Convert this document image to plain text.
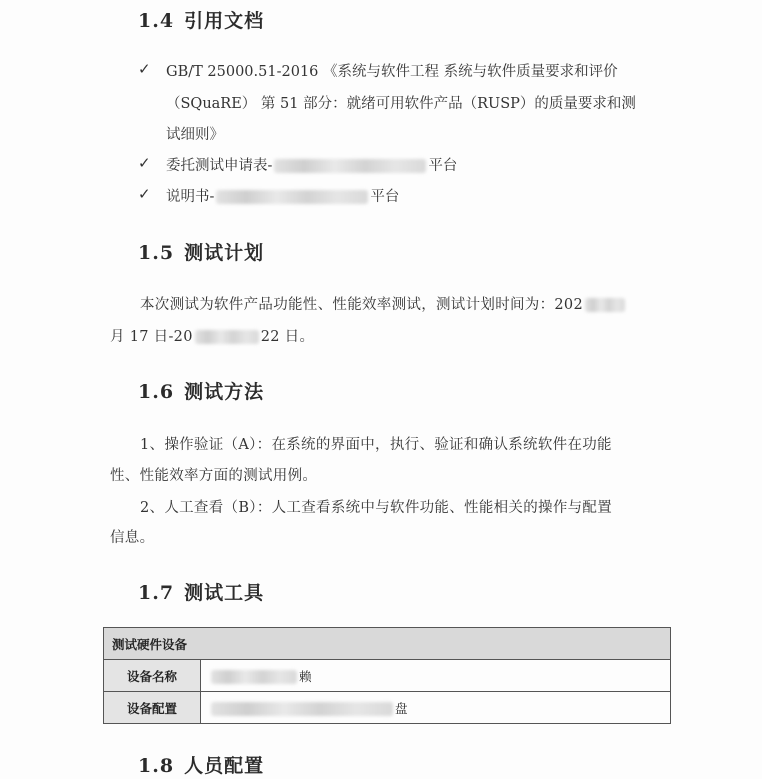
1.4 引用文档
✓ GB/T 25000.51-2016 《系统与软件工程 系统与软件质量要求和评价
（SQuaRE） 第 51 部分：就绪可用软件产品（RUSP）的质量要求和测
试细则》
✓ 委托测试申请表-	平台
✓ 说明书-	平台
1.5 测试计划
本次测试为软件产品功能性、性能效率测试，测试计划时间为：202
月 17 日-20	22 日。
1.6 测试方法
1、操作验证（A）：在系统的界面中，执行、验证和确认系统软件在功能
性、性能效率方面的测试用例。
2、人工查看（B）：人工查看系统中与软件功能、性能相关的操作与配置
信息。
1.7 测试工具
测试硬件设备	
设备名称	赖
设备配置	盘
1.8 人员配置
